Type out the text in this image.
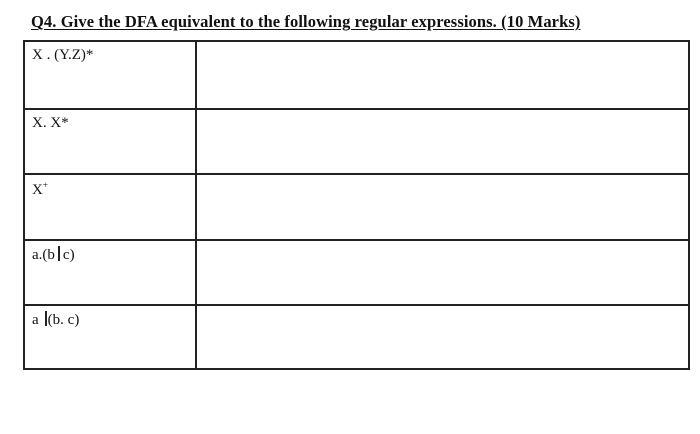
Q4. Give the DFA equivalent to the following regular expressions. (10 Marks)
X . (Y.Z)*	
X. X*	
X+	
a.(b c)	
a (b. c)	
